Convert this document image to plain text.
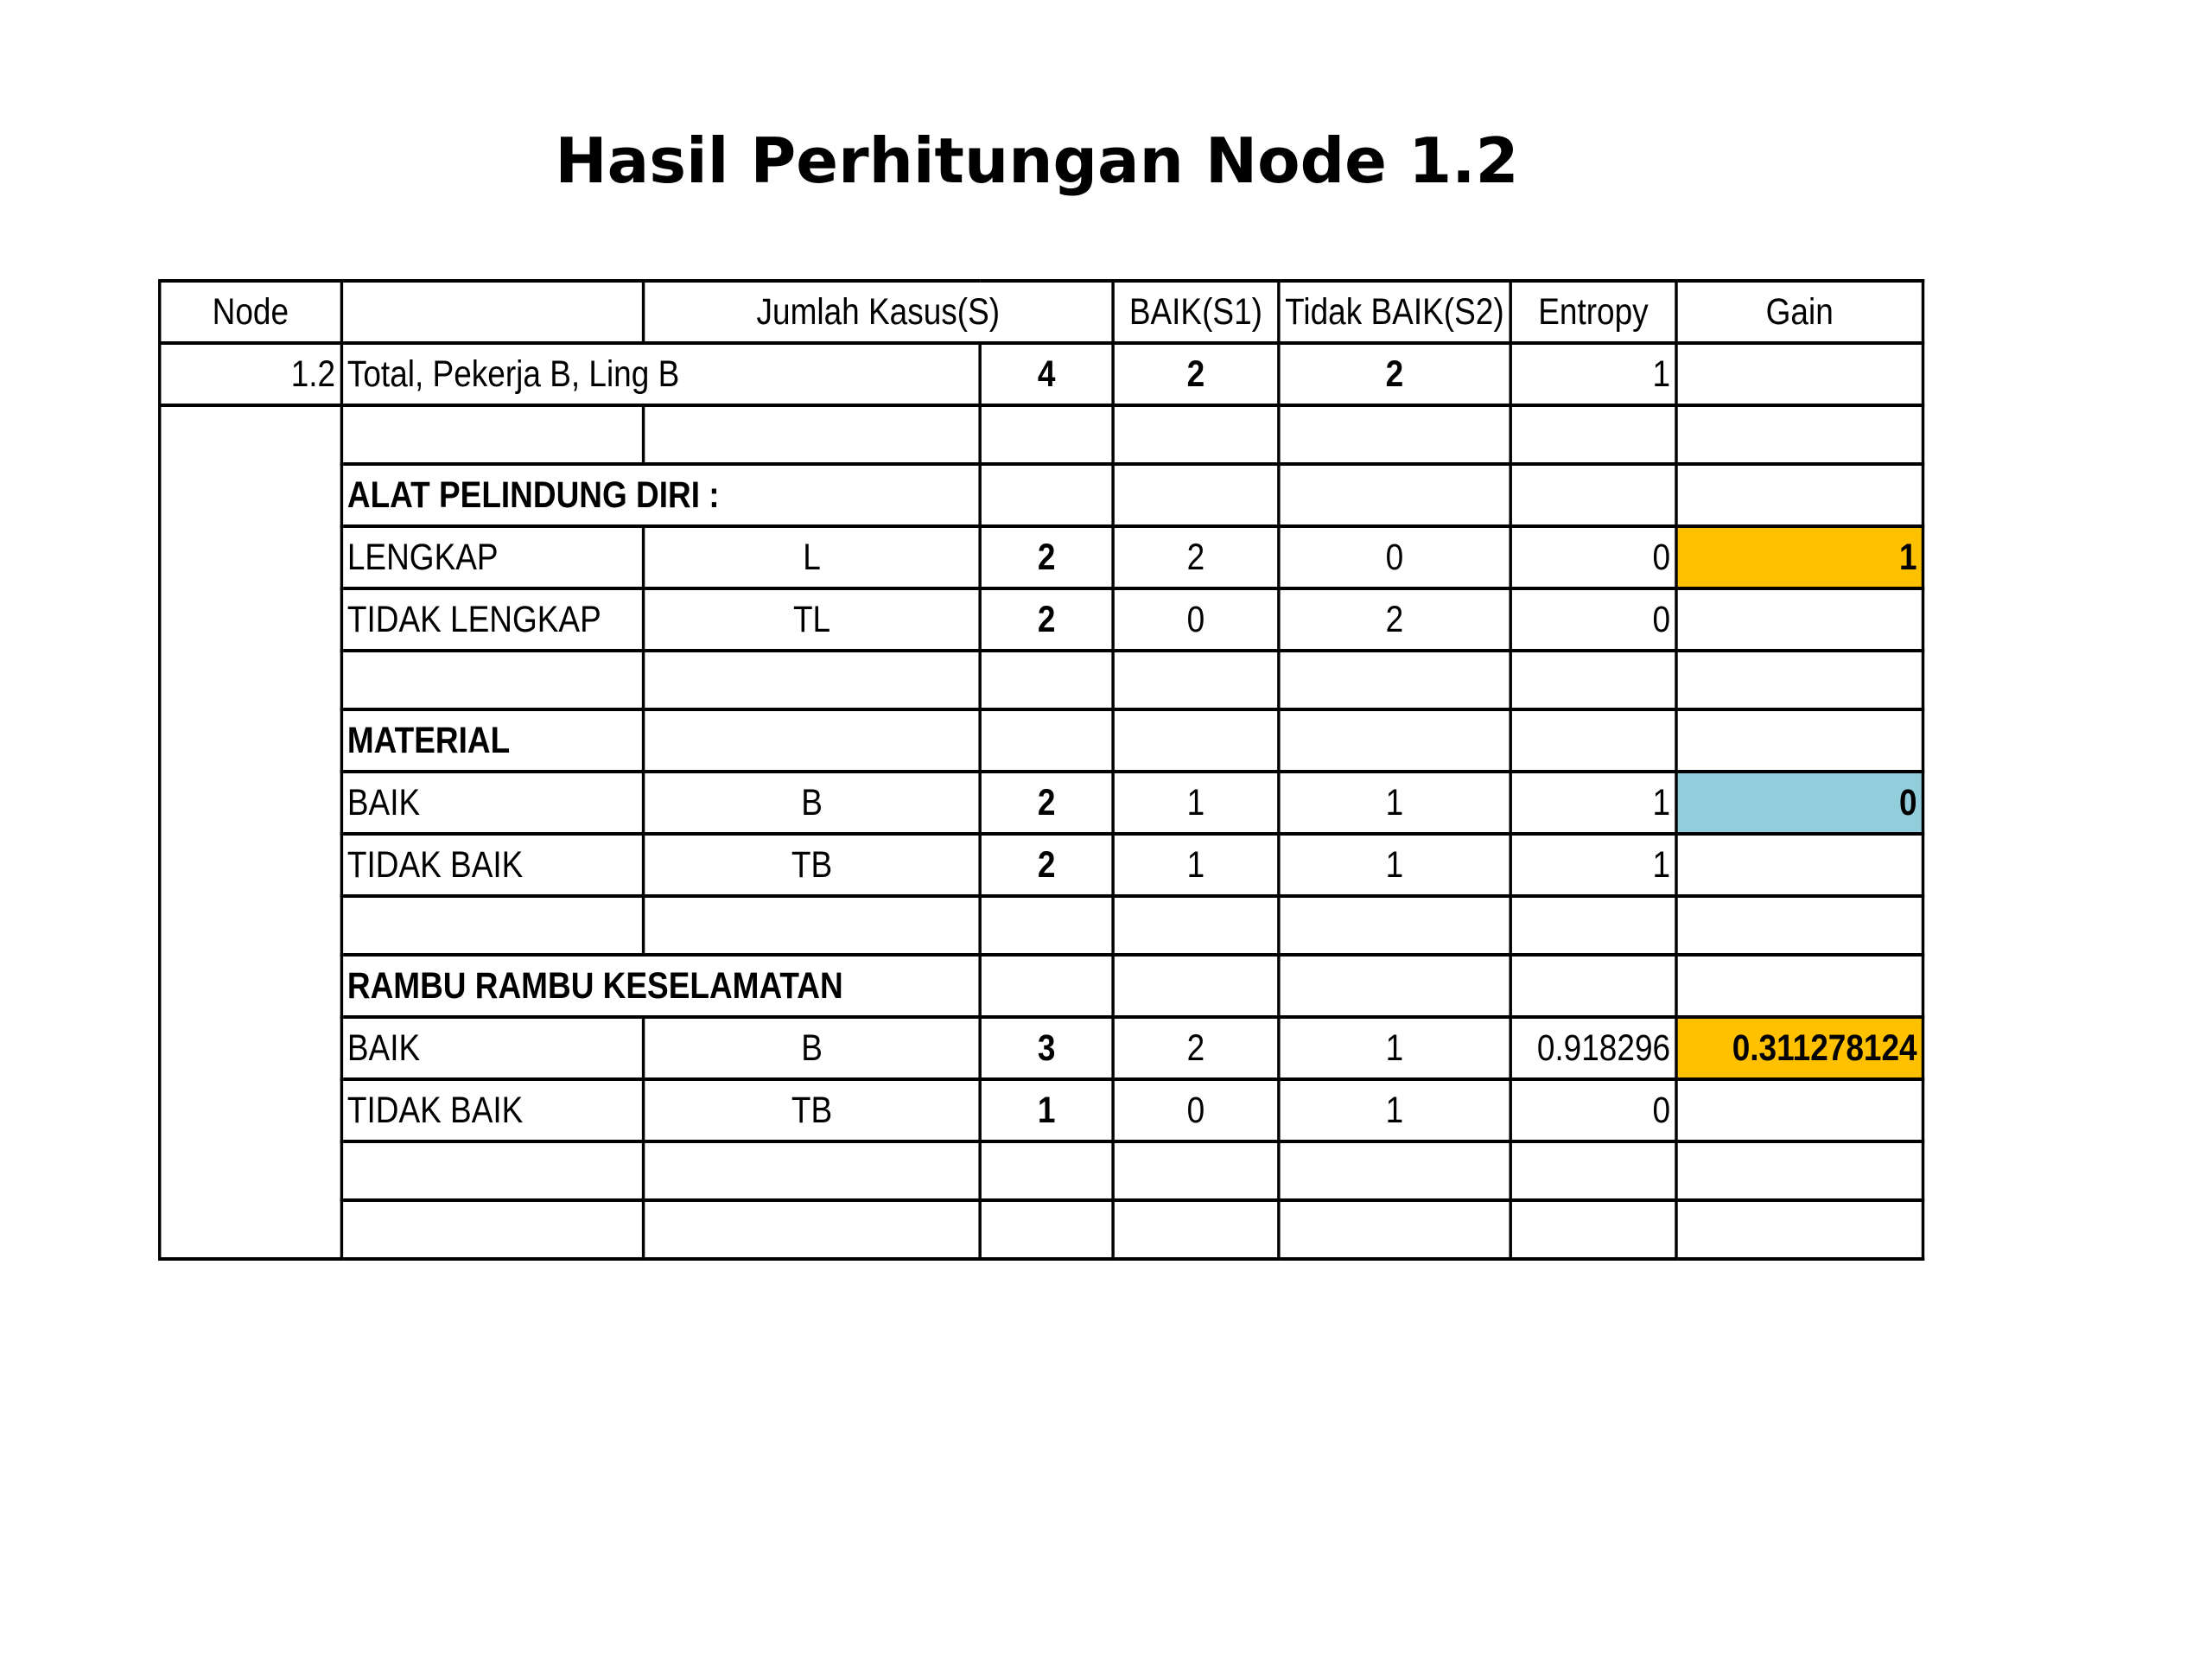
Hasil Perhitungan Node 1.2
Node		Jumlah Kasus(S)		BAIK(S1)	Tidak BAIK(S2)	Entropy	Gain
1.2	Total, Pekerja B, Ling B		4	2	2	1	

	ALAT PELINDUNG DIRI :						
	LENGKAP	L	2	2	0	0	1
	TIDAK LENGKAP	TL	2	0	2	0	

	MATERIAL						
	BAIK	B	2	1	1	1	0
	TIDAK BAIK	TB	2	1	1	1	

	RAMBU RAMBU KESELAMATAN						
	BAIK	B	3	2	1	0.918296	0.311278124
	TIDAK BAIK	TB	1	0	1	0	
